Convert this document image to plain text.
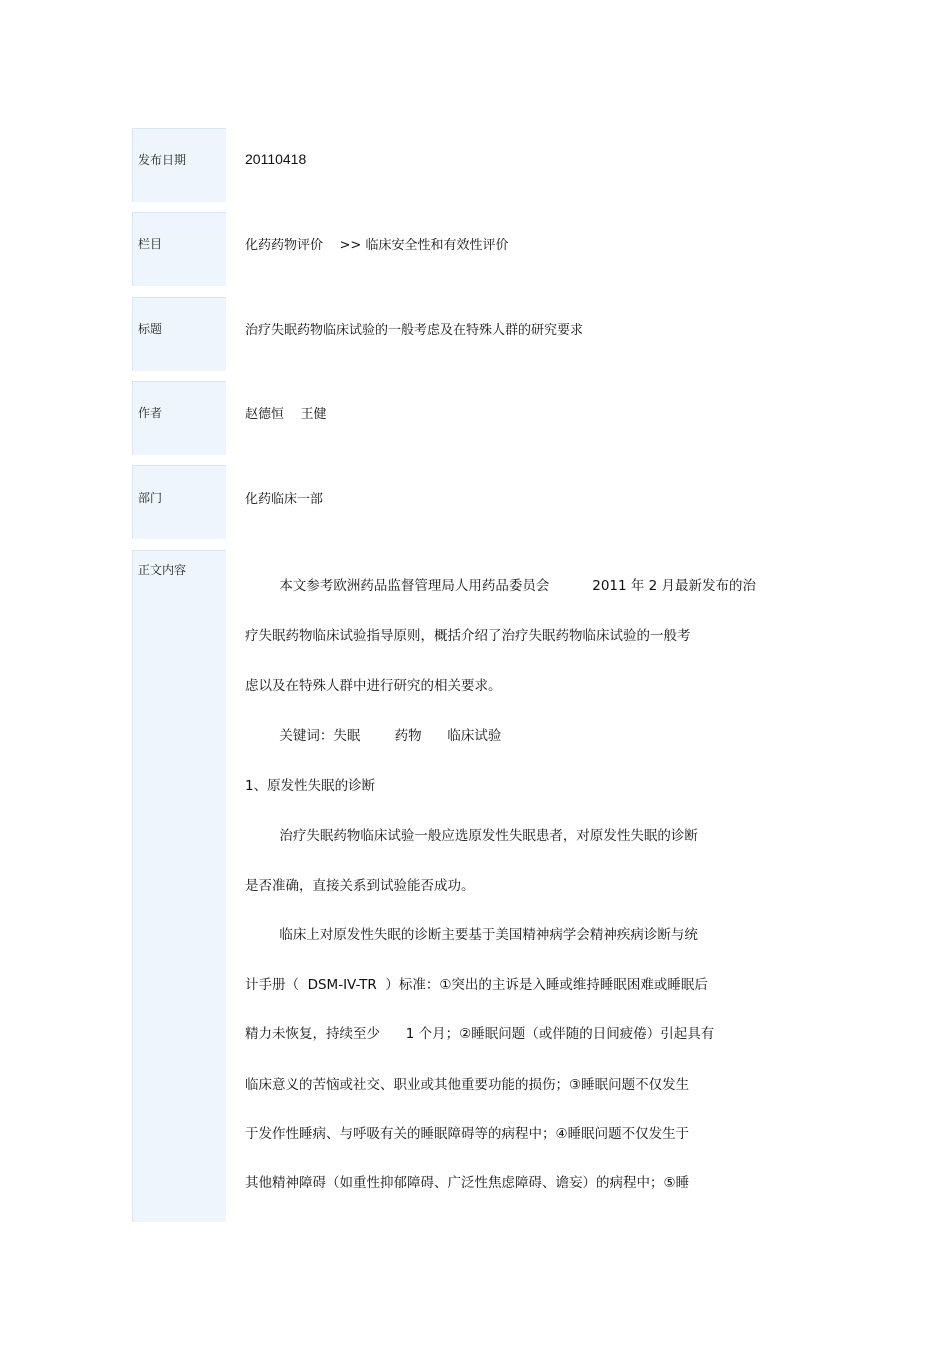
发布日期
栏目
标题
作者
部门
正文内容
20110418
化药药物评价    >> 临床安全性和有效性评价
治疗失眠药物临床试验的一般考虑及在特殊人群的研究要求
赵德恒    王健
化药临床一部
本文参考欧洲药品监督管理局人用药品委员会          2011 年 2 月最新发布的治
疗失眠药物临床试验指导原则，概括介绍了治疗失眠药物临床试验的一般考
虑以及在特殊人群中进行研究的相关要求。
关键词：失眠        药物      临床试验
1、原发性失眠的诊断
治疗失眠药物临床试验一般应选原发性失眠患者，对原发性失眠的诊断
是否准确，直接关系到试验能否成功。
临床上对原发性失眠的诊断主要基于美国精神病学会精神疾病诊断与统
计手册（  DSM-IV-TR  ）标准：①突出的主诉是入睡或维持睡眠困难或睡眠后
精力未恢复，持续至少      1 个月；②睡眠问题（或伴随的日间疲倦）引起具有
临床意义的苦恼或社交、职业或其他重要功能的损伤；③睡眠问题不仅发生
于发作性睡病、与呼吸有关的睡眠障碍等的病程中；④睡眠问题不仅发生于
其他精神障碍（如重性抑郁障碍、广泛性焦虑障碍、谵妄）的病程中；⑤睡
